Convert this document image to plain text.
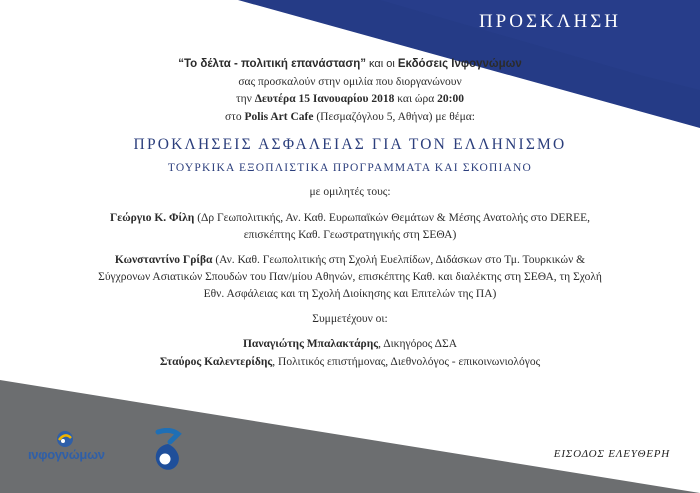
ΠΡΟΣΚΛΗΣΗ
“Το δέλτα - πολιτική επανάσταση” και οι Εκδόσεις Ινφογνώμων
σας προσκαλούν στην ομιλία που διοργανώνουν
την Δευτέρα 15 Ιανουαρίου 2018 και ώρα 20:00
στο Polis Art Cafe (Πεσμαζόγλου 5, Αθήνα) με θέμα:
ΠΡΟΚΛΗΣΕΙΣ ΑΣΦΑΛΕΙΑΣ ΓΙΑ ΤΟΝ ΕΛΛΗΝΙΣΜΟ
ΤΟΥΡΚΙΚΑ ΕΞΟΠΛΙΣΤΙΚΑ ΠΡΟΓΡΑΜΜΑΤΑ ΚΑΙ ΣΚΟΠΙΑΝΟ
με ομιλητές τους:
Γεώργιο Κ. Φίλη (Δρ Γεωπολιτικής, Αν. Καθ. Ευρωπαϊκών Θεμάτων & Μέσης Ανατολής στο DEREE,
επισκέπτης Καθ. Γεωστρατηγικής στη ΣΕΘΑ)
Κωνσταντίνο Γρίβα (Αν. Καθ. Γεωπολιτικής στη Σχολή Ευελπίδων, Διδάσκων στο Τμ. Τουρκικών &
Σύγχρονων Ασιατικών Σπουδών του Παν/μίου Αθηνών, επισκέπτης Καθ. και διαλέκτης στη ΣΕΘΑ, τη Σχολή
Εθν. Ασφάλειας και τη Σχολή Διοίκησης και Επιτελών της ΠΑ)
Συμμετέχουν οι:
Παναγιώτης Μπαλακτάρης, Δικηγόρος ΔΣΑ
Σταύρος Καλεντερίδης, Πολιτικός επιστήμονας, Διεθνολόγος - επικοινωνιολόγος
ινφογνώμων	ΕΙΣΟΔΟΣ ΕΛΕΥΘΕΡΗ
